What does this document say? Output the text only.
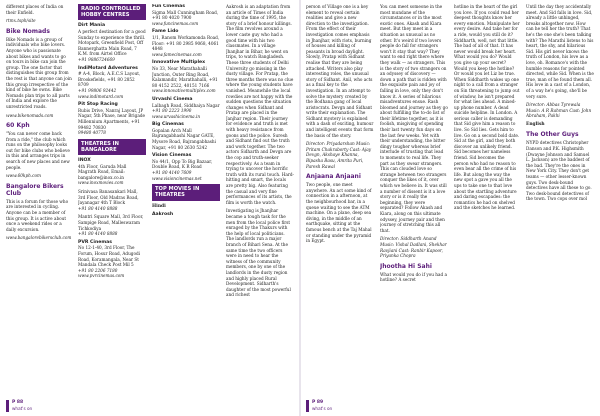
different places of India on their Enfield.

rtmx.tsph/site

Bike Nomads

Bike Nomads is a group of individuals who bike lovers. Anyone who is passionate about bikes and wants to go on tours in bike can join the group. The one factor that distinguishes this group from the rest is that anyone can join this group irrespective of the kind of bike he owns. Bike Nomads plan trips to all parts of India and explore the unrestricted roads.

www.bikenomads.com

60 Kph

"You can never come back from a ride," the club which runs on the philosophy looks out for bike clubs who believe in this and arranges trips in search of new places and new people.

www.60kph.com

Bangalore Bikers Club

This is a forum for those who are interested in cycling. Anyone can be a member of this group. It is active about once a weekend rides or a daily excursion.

www.bangalorebikersclub.com

RADIO CONTROLLED HOBBY CENTRES
Dirt Mania
A perfect destination for a good Sunday to experience the thrill. Motopark, Greenfield Post, Off Bannerghatta Main Road, 7 K.M. from Airtel Office
+91 9886724669
IndiMotard Adventures
# A-4, Block, A.E.C.S Layout, Brookefields, +91 80 2852 8709
+91 99806 92442 www.indimotard.com
Pit Stop Racing
Rubis Drive, Nanraj Layout, JP Nagar, 5th Phase, near Brigade Millennium Apartments, +91 99482 70830
99480 40778
THEATRES IN BANGALORE
INOX
4th Floor, Garuda Mall Magrath Road, Email: bangalore@inox.co.in
www.inoxmovies.com
Srinivasa Banasankari Mall, 3rd Floor, Old Madras Road, Jayanagar 4th T Block
+91 80 4140 8888
Mantri Square Mall, 3rd Floor, Sampige Road, Malleswaram Tichkodiya
+91 80 4140 8888
PVR Cinemas
No 12-1-40, 3rd Floor, The Forum, Hosur Road, Adugodi Road, Koramangala, Near St Mandala Check Post Mil 5
+91 80 2206 7180 www.pvrcinemas.com
Fun Cinemas
Sigma Mall Cunningham Road, +91 80 4020 7900
www.funcinemas.com
Fame Lido
1/1, Ranom Workamonda Road, Floor: +91 80 2985 9068, 4061 4848
www.famecinemas.com
Innovative Multiplex
No 33, Near Marathahalli Junction, Outer Ring Road, Kalamandir, Marathahalli, +91 80 4152 2522, 40151 7166
www.innovativemultiplex.com
Urvashi Cinema
Lalbagh Road, Siddhaiya Nagar
+91 80 2223 1990 www.urvashicinema.in
Big Cinemas
Gopalan Arch Mall Bajrangabhashi Nagar GATE, Mysore Road, Bajrangabhashi Nagar, +91 80 2630 5242
Vision Cinemas
No 44/1, Opp To Big Bazaar, Double Road, K R Road
+91 80 4140 7609 www.visioncinemas.net
TOP MOVIES IN THEATRES

Hindi

Aakrosh

Aakrosh is an adaptation from an article of Times of India during the time of 1995, the story of a brief honour killings. The film revolves around a lower caste guy who had a good time with his two classmates. In a village Jhanjhar in Bihar, he went on trips, to watch Bangladesh. These three students of Delhi University go missing in the dusty village. For Pratap, the three months there was no clue where the young students have vanished. Meanwhile the local rowdies are not happy with the sudden questions the situation changes when Sidhant and Pratap are placed in the Janjhar region. Their journey for evidence and truth is met with heavy resistance from goons and the police. Suresh and Sidhant find out the truth and work together. The two actors Sidharth and Devgn are the cop and truth-seeker respectively. As a team in trying to uncover the horrific truth with its rural touch. Hard-hitting and smart, the locals are pretty big. Also featuring the casual and very fine performances of its artists, the film is worth the watch.

Investigating is Jhanjhar became a tough task for the men from the local police first enraged by the Thakurs with the help of local politicians. The landlords run a major branch of Bihari Sena. At the same time the two officers were in need to hear the witness of the community members, one by one of the landlords in the dusty region and highly placed Rural Development. Sidharth's daughter of the most powerful and richest

person of Village one is a key element to reveal certain realities and give a new direction to the investigation. From the effect of their investigation comes emphasis in Jhanjhar, with riots, burning of houses and killing of peasants in broad daylight. Slowly, Pratap with Sidhant realise that they are being attacked. Writers also play interesting roles, the unusual story of Sidhant. Anil, who acts as a final key to the investigation. In an attempt to solve the mystery created by the Bodhana gang of local aristocrats. Devgn and Sidhant write their explanation. The Sidhant mystery is explained with a dash of exciting, humour and intelligent events that form the basis of the story.

Director: Priyadarshan Music: Pritam Chakraborty Cast: Ajay Devgn, Akshaye Khanna, Bipasha Basu, Amrita Puri, Paresh Rawal

Anjaana Anjaani

Two people, one meet anywhere. An act some kind of connection in a afternoon, at the neighbourhood bar, in a queue waiting to see the ATM machine. On a plane, deep sea diving, in the middle of an earthquake, sitting at the famous bench at the Taj Mahal or standing under the pyramid in Egypt.

You can meet someone in the most mundane of the circumstances or in the most exotic ones. Akash and Kiara meet. But they meet in a situation as unusual as no other. It's weird if two lovers people do fall for strangers won't it stay that way? They want to end right there where they walk — as strangers. This is the story of two strangers on an odyssey of discovery — down a path that is ridden with the exquisite pain and joy of falling in love, only they don't know it. A series of hilarious misadventures ensue. Rash bloomed and journey as they go about fulfilling the to-do list of their lifetime together, as it is foolish, misgiving of spending their last twenty fun days on the last few weeks. Yet with their understanding, the bitter dingy tougher whereas brief interlude of trusting that lead to moments to real life. They part as they swear strangers. This can clouded love so strange between two strangers conquer the likes of it, over which we believe in. It was still a number of dissent is it a love story or is it really the beginning, they were separated? Follow Akash and Kiara, along on this ultimate odyssey, journey pair and then journey of stretching this all that.

Director: Siddharth Anand Music: Vishal Dadlani, Shekhar Ravjiani Cast: Ranbir Kapoor, Priyanka Chopra

Jhootha Hi Sahi

What would you do if you had a hotline? A secret

hotline in the heart of the girl you love. If you could read her deepest thoughts know her every emotion. Manipulate her every desire. And take her for a ride, would you still do it? Siddharth, well, not that little. The bad of all of that. It has never would break her heart. What would you do? Would you give up your secret? Would you keep the hotline? Or would you let Liz be true. When Siddharth wakes up one night to a call from a stranger on Sin threatening to jump out of window, he isn't prepared for what lies ahead. A mixed-up phone number. A dead suicide helpline. In London. A serious caller is demanding that Sid give him a reason to live. So Sid lies. Gets him to live. Go on a second bold date. Sid at the girl, and they both discover an unlikely friend. Sid becomes her nameless friend. Sid becomes the person who had no reason to even bear all the crime of his life. But along the way the new spot a gave you all the ups to take one to that love about the startling adventure and daring escapades: the romantics he had on shelved and the sketches he learned.

Until the day they accidentally meet. And Sid falls in love. Sid, already a little unhinged, breaks altogether now. How can he tell her the truth? That he's the one she's been talking with? The Marathi listens to his heart, the shy, and hilarious Sid. His girl never knows the truth of London, his love as a love, oh. Romance's with the humble reasons for pointed directed, while Sid. When is the true, man of he found them all. His love in a cast of a London, of a way he's going, she'll be very sure.

Director: Abbas Tyrewala Music: A R Rahman Cast: John Abraham, Pakhi

English

The Other Guys

NYPD detectives Christopher Danson and P.K. Highsmith (Dwayne Johnson and Samuel L. Jackson) are the baddest of the bad. They're the ones in New York City. They don't get teams — other lesser-known guys. Two desk-bound detectives have all these to go. Two desk-bound detectives of the town. Two cops over mol

P 88
what's on
P 89
what's on
